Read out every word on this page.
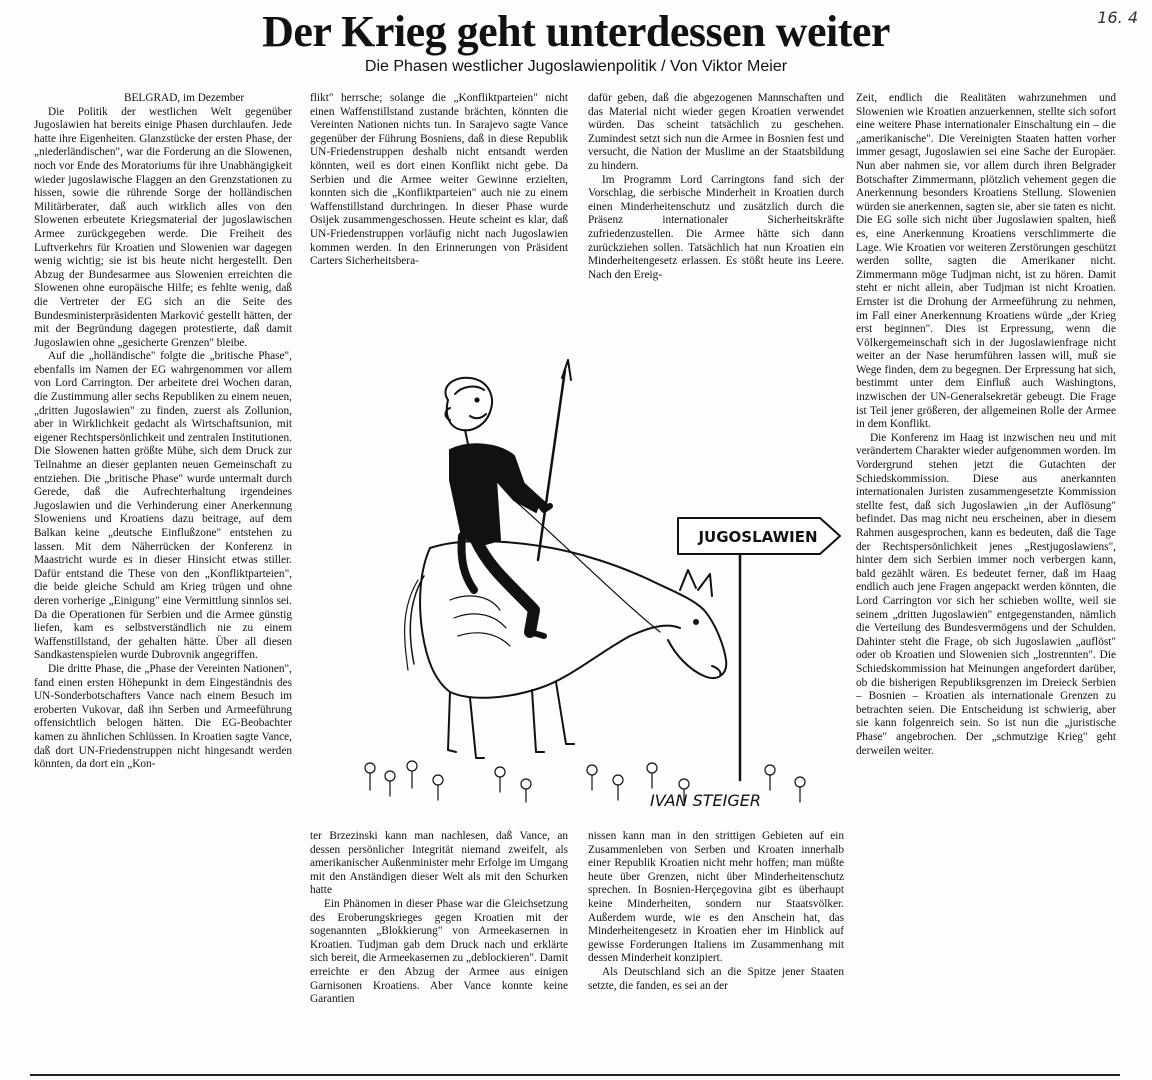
Der Krieg geht unterdessen weiter
Die Phasen westlicher Jugoslawienpolitik / Von Viktor Meier
16. 4

BELGRAD, im Dezember

Die Politik der westlichen Welt gegenüber Jugoslawien hat bereits einige Phasen durchlaufen. Jede hatte ihre Eigenheiten. Glanzstücke der ersten Phase, der „niederländischen", war die Forderung an die Slowenen, noch vor Ende des Moratoriums für ihre Unabhängigkeit wieder jugoslawische Flaggen an den Grenzstationen zu hissen, sowie die rührende Sorge der holländischen Militärberater, daß auch wirklich alles von den Slowenen erbeutete Kriegsmaterial der jugoslawischen Armee zurückgegeben werde. Die Freiheit des Luftverkehrs für Kroatien und Slowenien war dagegen wenig wichtig; sie ist bis heute nicht hergestellt. Den Abzug der Bundesarmee aus Slowenien erreichten die Slowenen ohne europäische Hilfe; es fehlte wenig, daß die Vertreter der EG sich an die Seite des Bundesministerpräsidenten Marković gestellt hätten, der mit der Begründung dagegen protestierte, daß damit Jugoslawien ohne „gesicherte Grenzen" bleibe.

Auf die „holländische" folgte die „britische Phase", ebenfalls im Namen der EG wahrgenommen vor allem von Lord Carrington. Der arbeitete drei Wochen daran, die Zustimmung aller sechs Republiken zu einem neuen, „dritten Jugoslawien" zu finden, zuerst als Zollunion, aber in Wirklichkeit gedacht als Wirtschaftsunion, mit eigener Rechtspersönlichkeit und zentralen Institutionen. Die Slowenen hatten größte Mühe, sich dem Druck zur Teilnahme an dieser geplanten neuen Gemeinschaft zu entziehen. Die „britische Phase" wurde untermalt durch Gerede, daß die Aufrechterhaltung irgendeines Jugoslawien und die Verhinderung einer Anerkennung Sloweniens und Kroatiens dazu beitrage, auf dem Balkan keine „deutsche Einflußzone" entstehen zu lassen. Mit dem Näherrücken der Konferenz in Maastricht wurde es in dieser Hinsicht etwas stiller. Dafür entstand die These von den „Konfliktparteien", die beide gleiche Schuld am Krieg trügen und ohne deren vorherige „Einigung" eine Vermittlung sinnlos sei. Da die Operationen für Serbien und die Armee günstig liefen, kam es selbstverständlich nie zu einem Waffenstillstand, der gehalten hätte. Über all diesen Sandkastenspielen wurde Dubrovnik angegriffen.

Die dritte Phase, die „Phase der Vereinten Nationen", fand einen ersten Höhepunkt in dem Eingeständnis des UN-Sonderbotschafters Vance nach einem Besuch im eroberten Vukovar, daß ihn Serben und Armeeführung offensichtlich belogen hätten. Die EG-Beobachter kamen zu ähnlichen Schlüssen. In Kroatien sagte Vance, daß dort UN-Friedenstruppen nicht hingesandt werden könnten, da dort ein „Kon-

flikt" herrsche; solange die „Konfliktparteien" nicht einen Waffenstillstand zustande brächten, könnten die Vereinten Nationen nichts tun. In Sarajevo sagte Vance gegenüber der Führung Bosniens, daß in diese Republik UN-Friedenstruppen deshalb nicht entsandt werden könnten, weil es dort einen Konflikt nicht gebe. Da Serbien und die Armee weiter Gewinne erzielten, konnten sich die „Konfliktparteien" auch nie zu einem Waffenstillstand durchringen. In dieser Phase wurde Osijek zusammengeschossen. Heute scheint es klar, daß UN-Friedenstruppen vorläufig nicht nach Jugoslawien kommen werden. In den Erinnerungen von Präsident Carters Sicherheitsbera-

dafür geben, daß die abgezogenen Mannschaften und das Material nicht wieder gegen Kroatien verwendet würden. Das scheint tatsächlich zu geschehen. Zumindest setzt sich nun die Armee in Bosnien fest und versucht, die Nation der Muslime an der Staatsbildung zu hindern.

Im Programm Lord Carringtons fand sich der Vorschlag, die serbische Minderheit in Kroatien durch einen Minderheitenschutz und zusätzlich durch die Präsenz internationaler Sicherheitskräfte zufriedenzustellen. Die Armee hätte sich dann zurückziehen sollen. Tatsächlich hat nun Kroatien ein Minderheitengesetz erlassen. Es stößt heute ins Leere. Nach den Ereig-

JUGOSLAWIEN
IVAN STEIGER

ter Brzezinski kann man nachlesen, daß Vance, an dessen persönlicher Integrität niemand zweifelt, als amerikanischer Außenminister mehr Erfolge im Umgang mit den Anständigen dieser Welt als mit den Schurken hatte

Ein Phänomen in dieser Phase war die Gleichsetzung des Eroberungskrieges gegen Kroatien mit der sogenannten „Blokkierung" von Armeekasernen in Kroatien. Tudjman gab dem Druck nach und erklärte sich bereit, die Armeekasernen zu „deblockieren". Damit erreichte er den Abzug der Armee aus einigen Garnisonen Kroatiens. Aber Vance konnte keine Garantien

nissen kann man in den strittigen Gebieten auf ein Zusammenleben von Serben und Kroaten innerhalb einer Republik Kroatien nicht mehr hoffen; man müßte heute über Grenzen, nicht über Minderheitenschutz sprechen. In Bosnien-Herçegovina gibt es überhaupt keine Minderheiten, sondern nur Staatsvölker. Außerdem wurde, wie es den Anschein hat, das Minderheitengesetz in Kroatien eher im Hinblick auf gewisse Forderungen Italiens im Zusammenhang mit dessen Minderheit konzipiert.

Als Deutschland sich an die Spitze jener Staaten setzte, die fanden, es sei an der

Zeit, endlich die Realitäten wahrzunehmen und Slowenien wie Kroatien anzuerkennen, stellte sich sofort eine weitere Phase internationaler Einschaltung ein – die „amerikanische". Die Vereinigten Staaten hatten vorher immer gesagt, Jugoslawien sei eine Sache der Europäer. Nun aber nahmen sie, vor allem durch ihren Belgrader Botschafter Zimmermann, plötzlich vehement gegen die Anerkennung besonders Kroatiens Stellung. Slowenien würden sie anerkennen, sagten sie, aber sie taten es nicht. Die EG solle sich nicht über Jugoslawien spalten, hieß es, eine Anerkennung Kroatiens verschlimmerte die Lage. Wie Kroatien vor weiteren Zerstörungen geschützt werden sollte, sagten die Amerikaner nicht. Zimmermann möge Tudjman nicht, ist zu hören. Damit steht er nicht allein, aber Tudjman ist nicht Kroatien. Ernster ist die Drohung der Armeeführung zu nehmen, im Fall einer Anerkennung Kroatiens würde „der Krieg erst beginnen". Dies ist Erpressung, wenn die Völkergemeinschaft sich in der Jugoslawienfrage nicht weiter an der Nase herumführen lassen will, muß sie Wege finden, dem zu begegnen. Der Erpressung hat sich, bestimmt unter dem Einfluß auch Washingtons, inzwischen der UN-Generalsekretär gebeugt. Die Frage ist Teil jener größeren, der allgemeinen Rolle der Armee in dem Konflikt.

Die Konferenz im Haag ist inzwischen neu und mit verändertem Charakter wieder aufgenommen worden. Im Vordergrund stehen jetzt die Gutachten der Schiedskommission. Diese aus anerkannten internationalen Juristen zusammengesetzte Kommission stellte fest, daß sich Jugoslawien „in der Auflösung" befindet. Das mag nicht neu erscheinen, aber in diesem Rahmen ausgesprochen, kann es bedeuten, daß die Tage der Rechtspersönlichkeit jenes „Restjugoslawiens", hinter dem sich Serbien immer noch verbergen kann, bald gezählt wären. Es bedeutet ferner, daß im Haag endlich auch jene Fragen angepackt werden könnten, die Lord Carrington vor sich her schieben wollte, weil sie seinem „dritten Jugoslawien" entgegenstanden, nämlich die Verteilung des Bundesvermögens und der Schulden. Dahinter steht die Frage, ob sich Jugoslawien „auflöst" oder ob Kroatien und Slowenien sich „lostrennten". Die Schiedskommission hat Meinungen angefordert darüber, ob die bisherigen Republiksgrenzen im Dreieck Serbien – Bosnien – Kroatien als internationale Grenzen zu betrachten seien. Die Entscheidung ist schwierig, aber sie kann folgenreich sein. So ist nun die „juristische Phase" angebrochen. Der „schmutzige Krieg" geht derweilen weiter.
